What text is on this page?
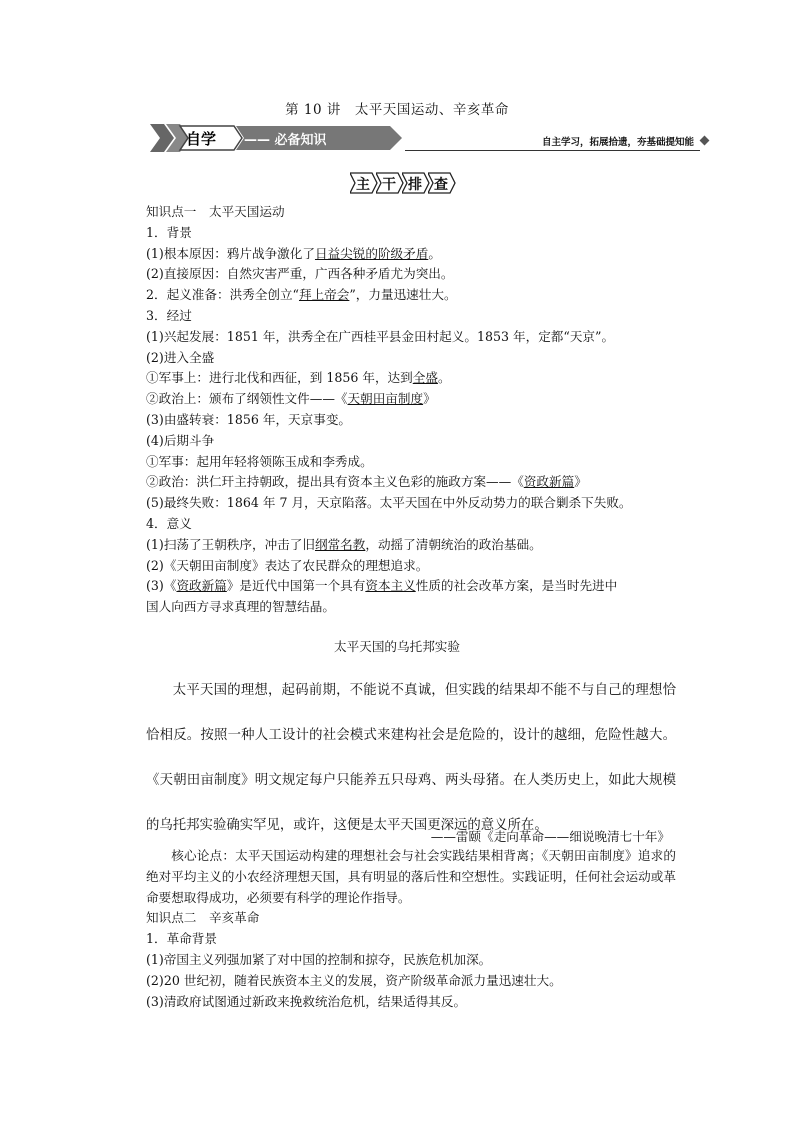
第 10 讲　太平天国运动、辛亥革命
自学 —— 必备知识	自主学习，拓展拾遗，夯基础提知能
主 干 排 查

知识点一　太平天国运动

1．背景

(1)根本原因：鸦片战争激化了日益尖锐的阶级矛盾。

(2)直接原因：自然灾害严重，广西各种矛盾尤为突出。

2．起义准备：洪秀全创立“拜上帝会”，力量迅速壮大。

3．经过

(1)兴起发展：1851 年，洪秀全在广西桂平县金田村起义。1853 年，定都“天京”。

(2)进入全盛

①军事上：进行北伐和西征，到 1856 年，达到全盛。

②政治上：颁布了纲领性文件——《天朝田亩制度》

(3)由盛转衰：1856 年，天京事变。

(4)后期斗争

①军事：起用年轻将领陈玉成和李秀成。

②政治：洪仁玕主持朝政，提出具有资本主义色彩的施政方案——《资政新篇》

(5)最终失败：1864 年 7 月，天京陷落。太平天国在中外反动势力的联合剿杀下失败。

4．意义

(1)扫荡了王朝秩序，冲击了旧纲常名教，动摇了清朝统治的政治基础。

(2)《天朝田亩制度》表达了农民群众的理想追求。

(3)《资政新篇》是近代中国第一个具有资本主义性质的社会改革方案，是当时先进中

国人向西方寻求真理的智慧结晶。

太平天国的乌托邦实验

太平天国的理想，起码前期，不能说不真诚，但实践的结果却不能不与自己的理想恰恰相反。按照一种人工设计的社会模式来建构社会是危险的，设计的越细，危险性越大。《天朝田亩制度》明文规定每户只能养五只母鸡、两头母猪。在人类历史上，如此大规模的乌托邦实验确实罕见，或许，这便是太平天国更深远的意义所在。

——雷颐《走向革命——细说晚清七十年》

核心论点：太平天国运动构建的理想社会与社会实践结果相背离；《天朝田亩制度》追求的绝对平均主义的小农经济理想天国，具有明显的落后性和空想性。实践证明，任何社会运动或革命要想取得成功，必须要有科学的理论作指导。

知识点二　辛亥革命

1．革命背景

(1)帝国主义列强加紧了对中国的控制和掠夺，民族危机加深。

(2)20 世纪初，随着民族资本主义的发展，资产阶级革命派力量迅速壮大。

(3)清政府试图通过新政来挽救统治危机，结果适得其反。
